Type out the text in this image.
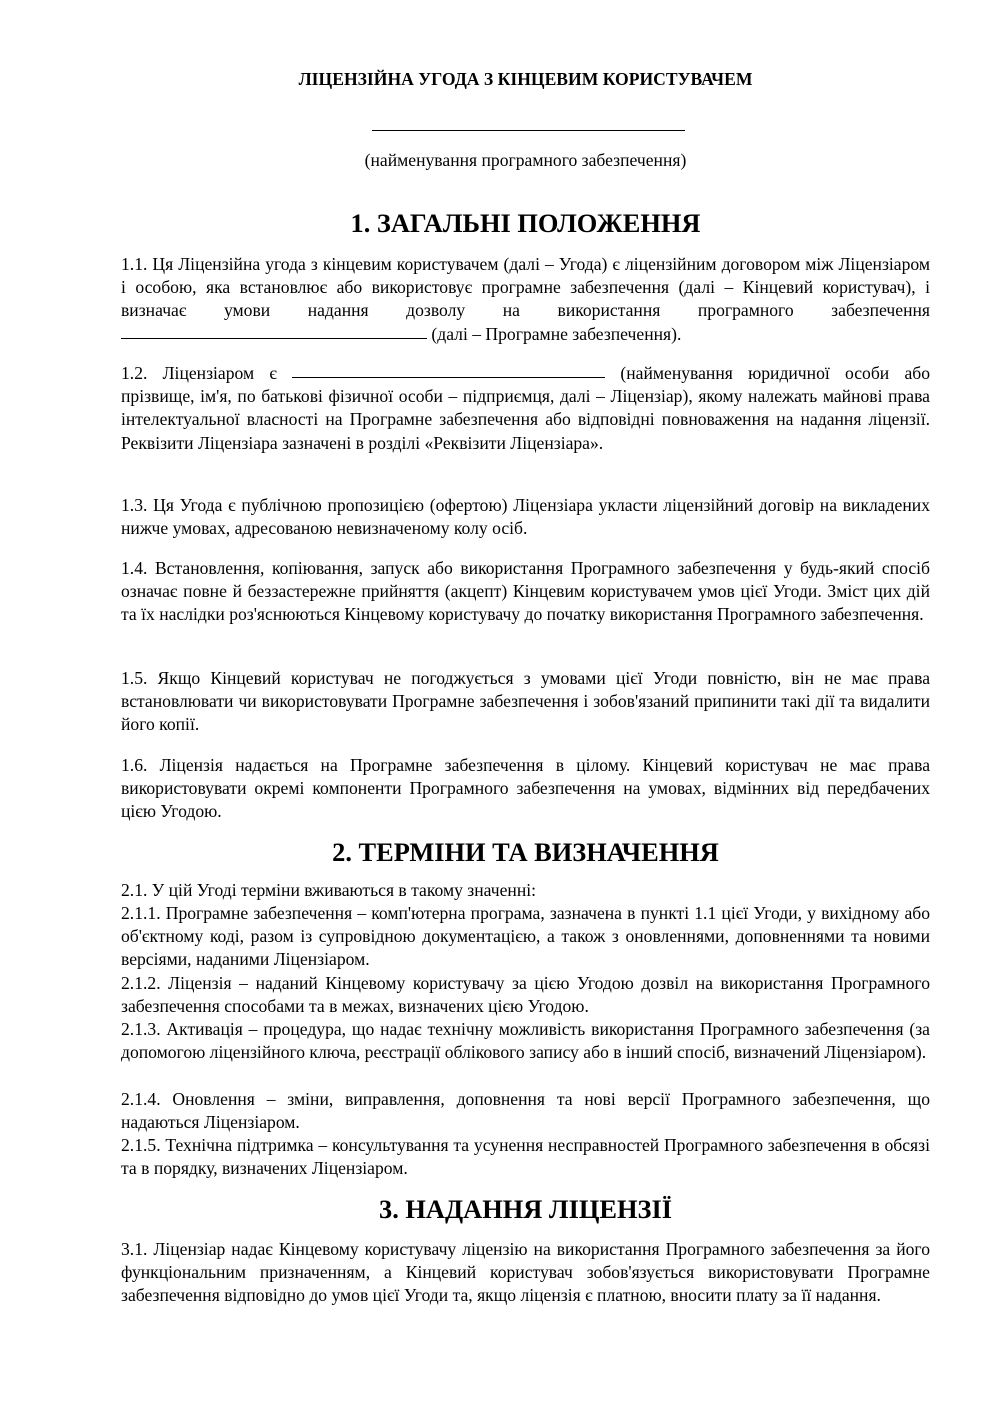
ЛІЦЕНЗІЙНА УГОДА З КІНЦЕВИМ КОРИСТУВАЧЕМ

(найменування програмного забезпечення)

1. ЗАГАЛЬНІ ПОЛОЖЕННЯ

1.1. Ця Ліцензійна угода з кінцевим користувачем (далі – Угода) є ліцензійним договором між Ліцензіаром і особою, яка встановлює або використовує програмне забезпечення (далі – Кінцевий користувач), і визначає умови надання дозволу на використання програмного забезпечення  (далі – Програмне забезпечення).

1.2. Ліцензіаром є	(найменування юридичної особи або прізвище, ім'я, по батькові фізичної особи – підприємця, далі – Ліцензіар), якому належать майнові права інтелектуальної власності на Програмне забезпечення або відповідні повноваження на надання ліцензії. Реквізити Ліцензіара зазначені в розділі «Реквізити Ліцензіара».

1.3. Ця Угода є публічною пропозицією (офертою) Ліцензіара укласти ліцензійний договір на викладених нижче умовах, адресованою невизначеному колу осіб.

1.4. Встановлення, копіювання, запуск або використання Програмного забезпечення у будь-який спосіб означає повне й беззастережне прийняття (акцепт) Кінцевим користувачем умов цієї Угоди. Зміст цих дій та їх наслідки роз'яснюються Кінцевому користувачу до початку використання Програмного забезпечення.

1.5. Якщо Кінцевий користувач не погоджується з умовами цієї Угоди повністю, він не має права встановлювати чи використовувати Програмне забезпечення і зобов'язаний припинити такі дії та видалити його копії.

1.6. Ліцензія надається на Програмне забезпечення в цілому. Кінцевий користувач не має права використовувати окремі компоненти Програмного забезпечення на умовах, відмінних від передбачених цією Угодою.

2. ТЕРМІНИ ТА ВИЗНАЧЕННЯ

2.1. У цій Угоді терміни вживаються в такому значенні:

2.1.1. Програмне забезпечення – комп'ютерна програма, зазначена в пункті 1.1 цієї Угоди, у вихідному або об'єктному коді, разом із супровідною документацією, а також з оновленнями, доповненнями та новими версіями, наданими Ліцензіаром.

2.1.2. Ліцензія – наданий Кінцевому користувачу за цією Угодою дозвіл на використання Програмного забезпечення способами та в межах, визначених цією Угодою.

2.1.3. Активація – процедура, що надає технічну можливість використання Програмного забезпечення (за допомогою ліцензійного ключа, реєстрації облікового запису або в інший спосіб, визначений Ліцензіаром).

2.1.4. Оновлення – зміни, виправлення, доповнення та нові версії Програмного забезпечення, що надаються Ліцензіаром.

2.1.5. Технічна підтримка – консультування та усунення несправностей Програмного забезпечення в обсязі та в порядку, визначених Ліцензіаром.

3. НАДАННЯ ЛІЦЕНЗІЇ

3.1. Ліцензіар надає Кінцевому користувачу ліцензію на використання Програмного забезпечення за його функціональним призначенням, а Кінцевий користувач зобов'язується використовувати Програмне забезпечення відповідно до умов цієї Угоди та, якщо ліцензія є платною, вносити плату за її надання.
